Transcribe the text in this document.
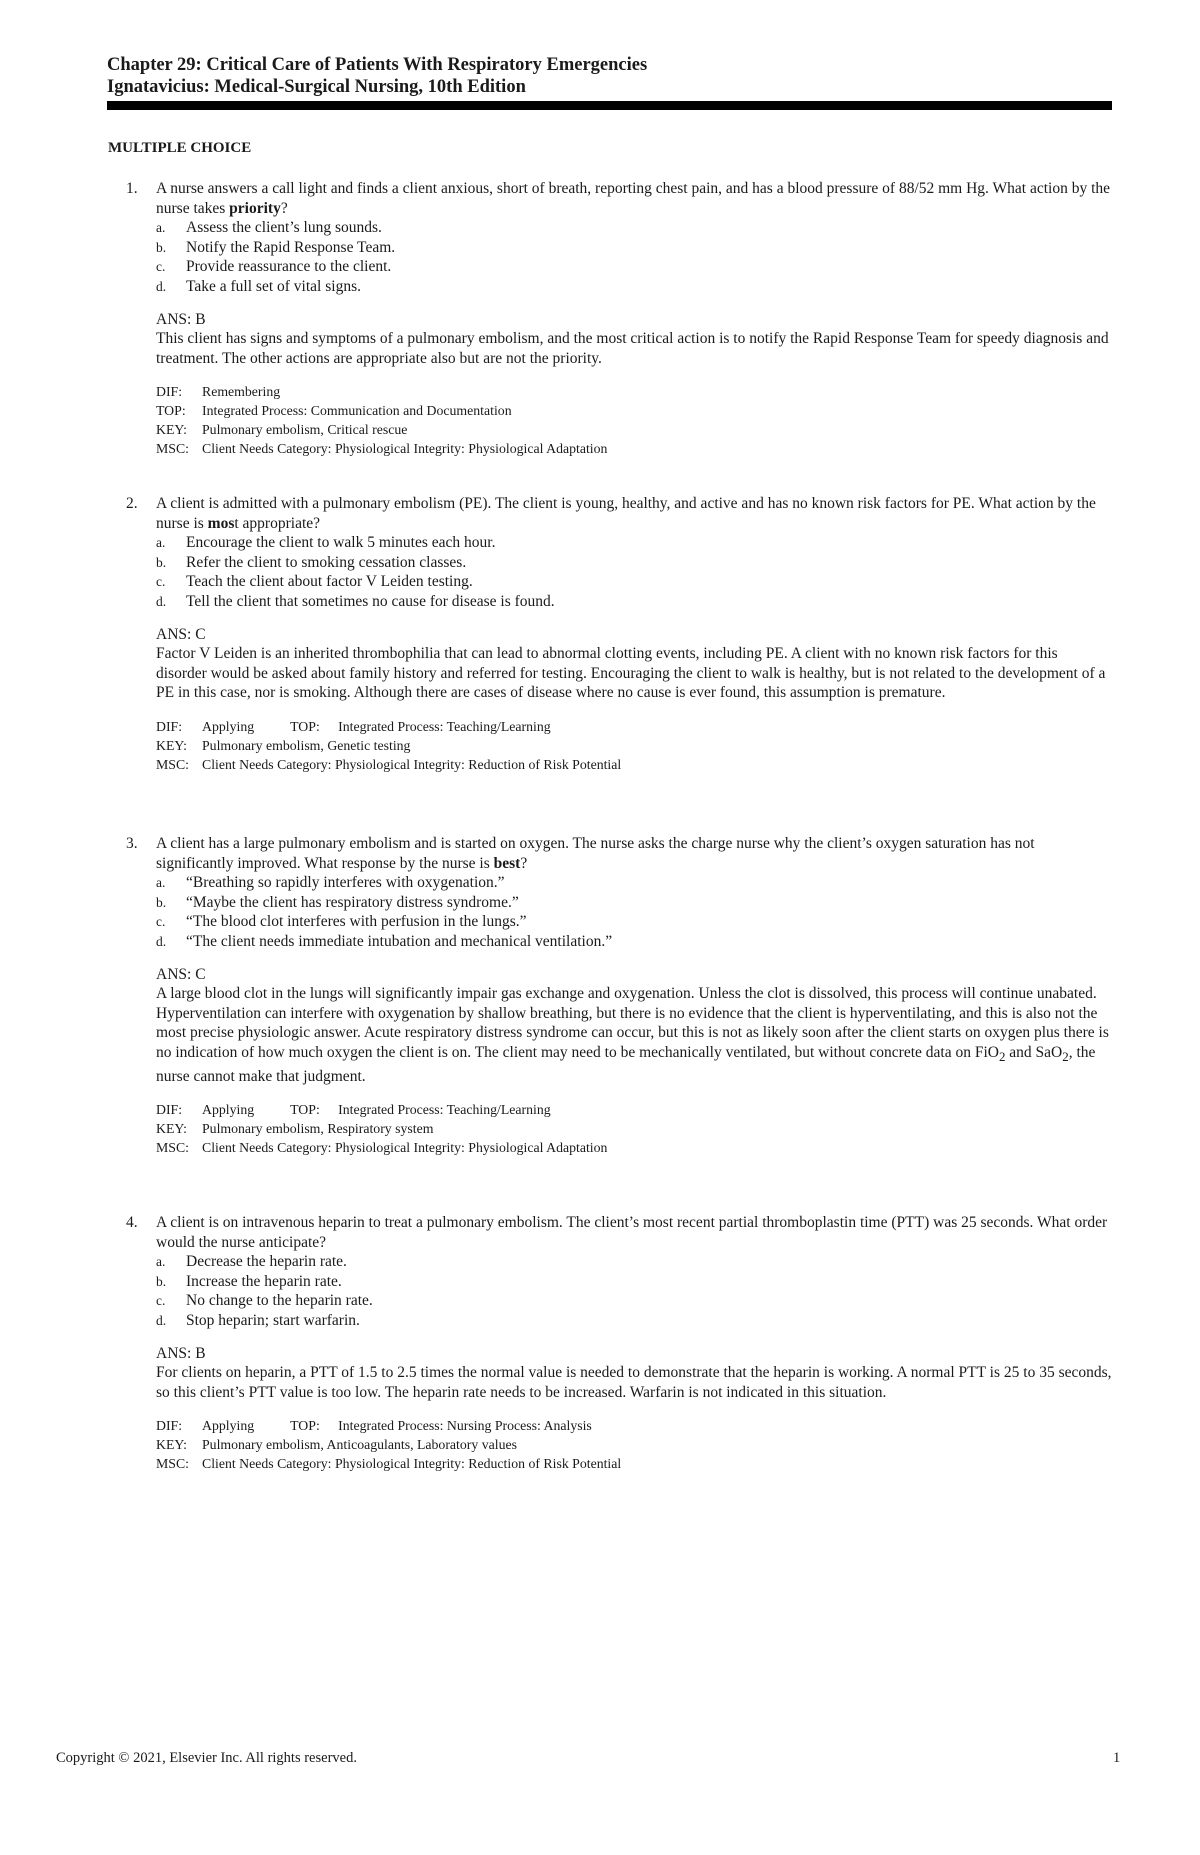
Chapter 29: Critical Care of Patients With Respiratory Emergencies
Ignatavicius: Medical-Surgical Nursing, 10th Edition
MULTIPLE CHOICE
1.	A nurse answers a call light and finds a client anxious, short of breath, reporting chest pain, and has a blood pressure of 88/52 mm Hg. What action by the nurse takes priority?
a.	Assess the client’s lung sounds.
b.	Notify the Rapid Response Team.
c.	Provide reassurance to the client.
d.	Take a full set of vital signs.
ANS: B
This client has signs and symptoms of a pulmonary embolism, and the most critical action is to notify the Rapid Response Team for speedy diagnosis and treatment. The other actions are appropriate also but are not the priority.
DIF: Remembering
TOP: Integrated Process: Communication and Documentation
KEY: Pulmonary embolism, Critical rescue
MSC: Client Needs Category: Physiological Integrity: Physiological Adaptation
2.	A client is admitted with a pulmonary embolism (PE). The client is young, healthy, and active and has no known risk factors for PE. What action by the nurse is most appropriate?
a.	Encourage the client to walk 5 minutes each hour.
b.	Refer the client to smoking cessation classes.
c.	Teach the client about factor V Leiden testing.
d.	Tell the client that sometimes no cause for disease is found.
ANS: C
Factor V Leiden is an inherited thrombophilia that can lead to abnormal clotting events, including PE. A client with no known risk factors for this disorder would be asked about family history and referred for testing. Encouraging the client to walk is healthy, but is not related to the development of a PE in this case, nor is smoking. Although there are cases of disease where no cause is ever found, this assumption is premature.
DIF: Applying	TOP: Integrated Process: Teaching/Learning
KEY: Pulmonary embolism, Genetic testing
MSC: Client Needs Category: Physiological Integrity: Reduction of Risk Potential
3.	A client has a large pulmonary embolism and is started on oxygen. The nurse asks the charge nurse why the client’s oxygen saturation has not significantly improved. What response by the nurse is best?
a.	“Breathing so rapidly interferes with oxygenation.”
b.	“Maybe the client has respiratory distress syndrome.”
c.	“The blood clot interferes with perfusion in the lungs.”
d.	“The client needs immediate intubation and mechanical ventilation.”
ANS: C
A large blood clot in the lungs will significantly impair gas exchange and oxygenation. Unless the clot is dissolved, this process will continue unabated. Hyperventilation can interfere with oxygenation by shallow breathing, but there is no evidence that the client is hyperventilating, and this is also not the most precise physiologic answer. Acute respiratory distress syndrome can occur, but this is not as likely soon after the client starts on oxygen plus there is no indication of how much oxygen the client is on. The client may need to be mechanically ventilated, but without concrete data on FiO$_2$ and SaO$_2$, the nurse cannot make that judgment.
DIF: Applying	TOP: Integrated Process: Teaching/Learning
KEY: Pulmonary embolism, Respiratory system
MSC: Client Needs Category: Physiological Integrity: Physiological Adaptation
4.	A client is on intravenous heparin to treat a pulmonary embolism. The client’s most recent partial thromboplastin time (PTT) was 25 seconds. What order would the nurse anticipate?
a.	Decrease the heparin rate.
b.	Increase the heparin rate.
c.	No change to the heparin rate.
d.	Stop heparin; start warfarin.
ANS: B
For clients on heparin, a PTT of 1.5 to 2.5 times the normal value is needed to demonstrate that the heparin is working. A normal PTT is 25 to 35 seconds, so this client’s PTT value is too low. The heparin rate needs to be increased. Warfarin is not indicated in this situation.
DIF: Applying	TOP: Integrated Process: Nursing Process: Analysis
KEY: Pulmonary embolism, Anticoagulants, Laboratory values
MSC: Client Needs Category: Physiological Integrity: Reduction of Risk Potential
Copyright © 2021, Elsevier Inc. All rights reserved.	1
